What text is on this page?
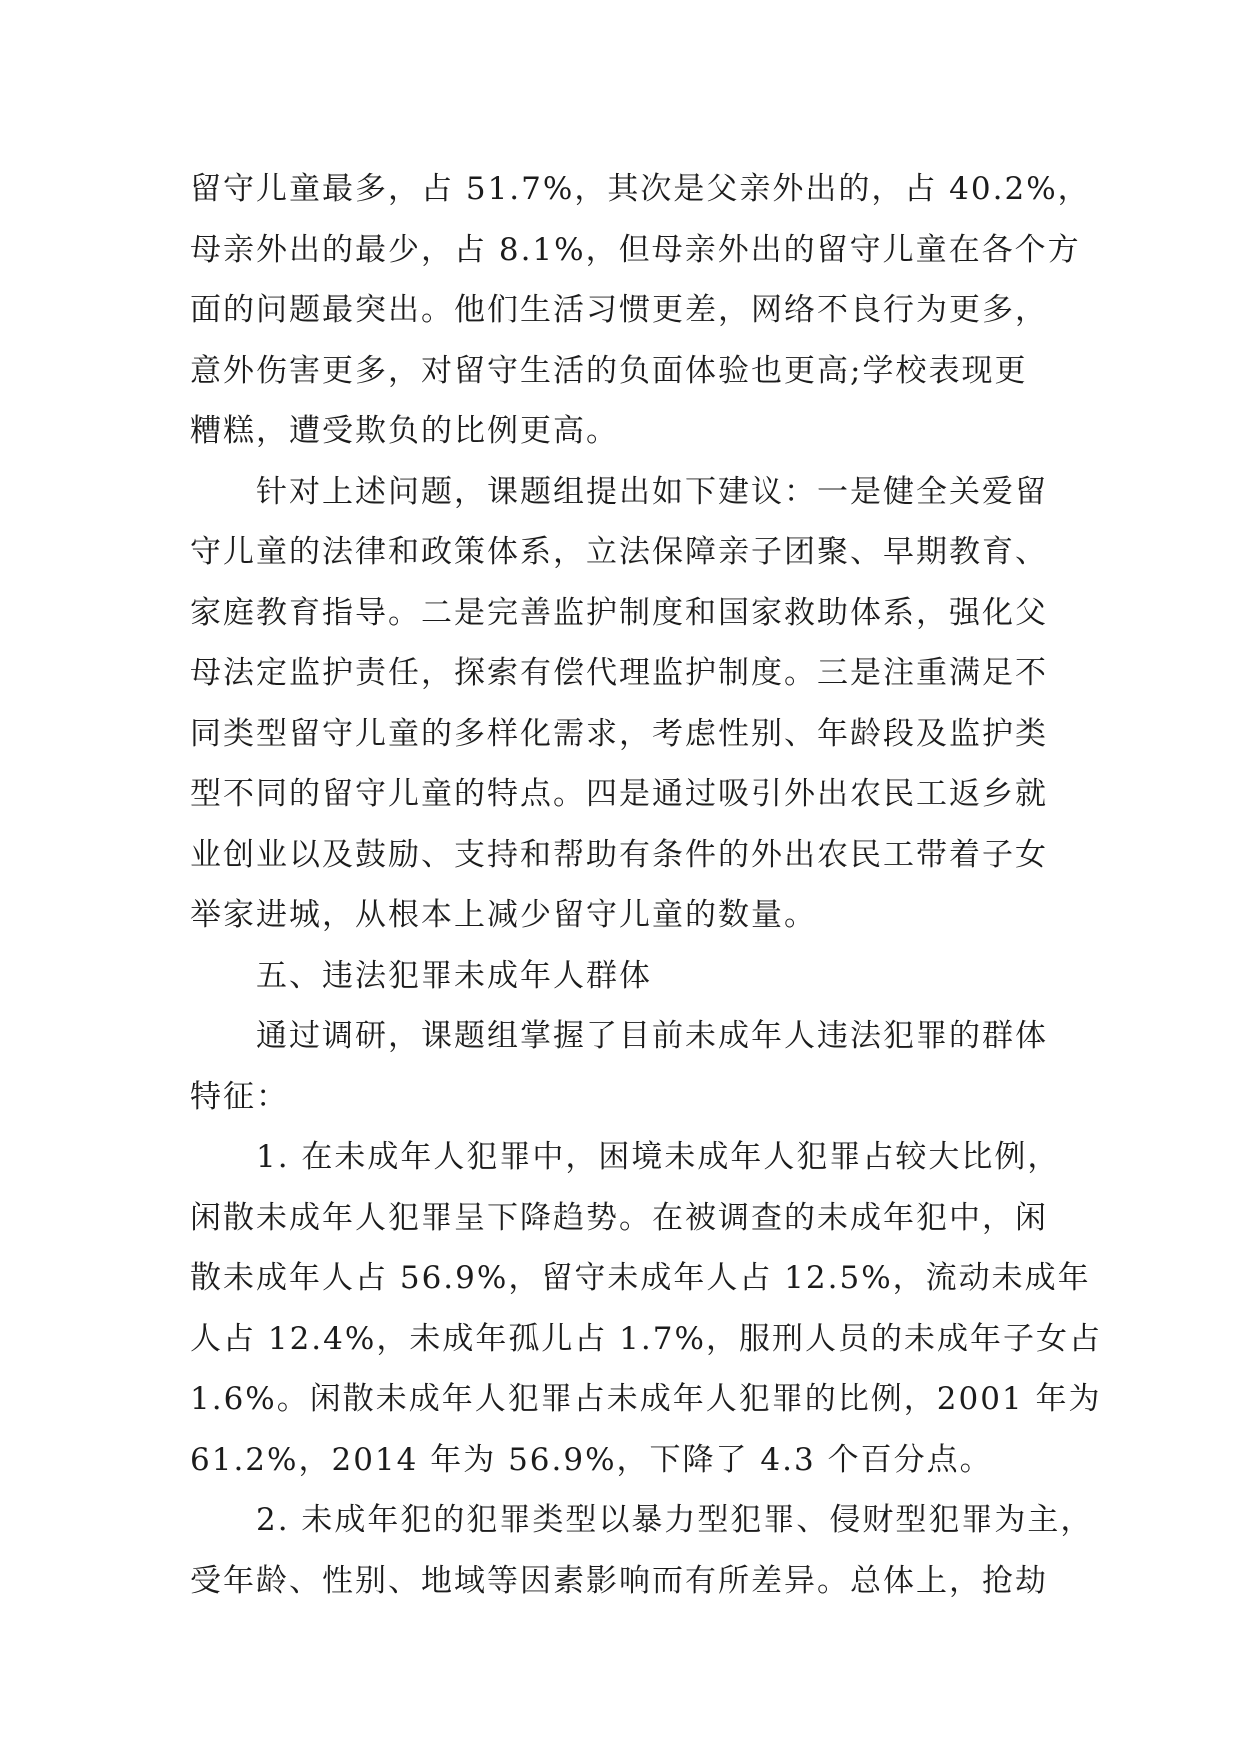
留守儿童最多，占 51.7%，其次是父亲外出的，占 40.2%，
母亲外出的最少，占 8.1%，但母亲外出的留守儿童在各个方
面的问题最突出。他们生活习惯更差，网络不良行为更多，
意外伤害更多，对留守生活的负面体验也更高;学校表现更
糟糕，遭受欺负的比例更高。
针对上述问题，课题组提出如下建议：一是健全关爱留
守儿童的法律和政策体系，立法保障亲子团聚、早期教育、
家庭教育指导。二是完善监护制度和国家救助体系，强化父
母法定监护责任，探索有偿代理监护制度。三是注重满足不
同类型留守儿童的多样化需求，考虑性别、年龄段及监护类
型不同的留守儿童的特点。四是通过吸引外出农民工返乡就
业创业以及鼓励、支持和帮助有条件的外出农民工带着子女
举家进城，从根本上减少留守儿童的数量。
五、违法犯罪未成年人群体
通过调研，课题组掌握了目前未成年人违法犯罪的群体
特征：
1. 在未成年人犯罪中，困境未成年人犯罪占较大比例，
闲散未成年人犯罪呈下降趋势。在被调查的未成年犯中，闲
散未成年人占 56.9%，留守未成年人占 12.5%，流动未成年
人占 12.4%，未成年孤儿占 1.7%，服刑人员的未成年子女占
1.6%。闲散未成年人犯罪占未成年人犯罪的比例，2001 年为
61.2%，2014 年为 56.9%，下降了 4.3 个百分点。
2. 未成年犯的犯罪类型以暴力型犯罪、侵财型犯罪为主，
受年龄、性别、地域等因素影响而有所差异。总体上，抢劫
